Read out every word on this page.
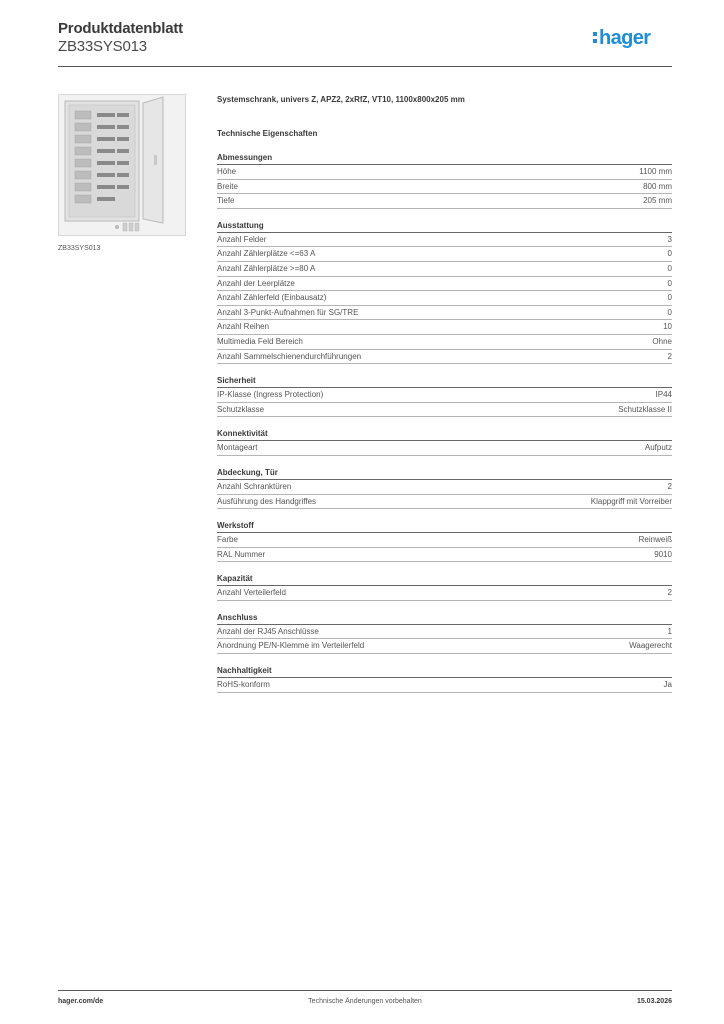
Produktdatenblatt
ZB33SYS013	hager
ZB33SYS013
Systemschrank, univers Z, APZ2, 2xRfZ, VT10, 1100x800x205 mm
Technische Eigenschaften
Abmessungen
Höhe	1100 mm
Breite	800 mm
Tiefe	205 mm
Ausstattung
Anzahl Felder	3
Anzahl Zählerplätze <=63 A	0
Anzahl Zählerplätze >=80 A	0
Anzahl der Leerplätze	0
Anzahl Zählerfeld (Einbausatz)	0
Anzahl 3-Punkt-Aufnahmen für SG/TRE	0
Anzahl Reihen	10
Multimedia Feld Bereich	Ohne
Anzahl Sammelschienendurchführungen	2
Sicherheit
IP-Klasse (Ingress Protection)	IP44
Schutzklasse	Schutzklasse II
Konnektivität
Montageart	Aufputz
Abdeckung, Tür
Anzahl Schranktüren	2
Ausführung des Handgriffes	Klappgriff mit Vorreiber
Werkstoff
Farbe	Reinweiß
RAL Nummer	9010
Kapazität
Anzahl Verteilerfeld	2
Anschluss
Anzahl der RJ45 Anschlüsse	1
Anordnung PE/N-Klemme im Verteilerfeld	Waagerecht
Nachhaltigkeit
RoHS-konform	Ja
hager.com/de	Technische Änderungen vorbehalten	15.03.2026
